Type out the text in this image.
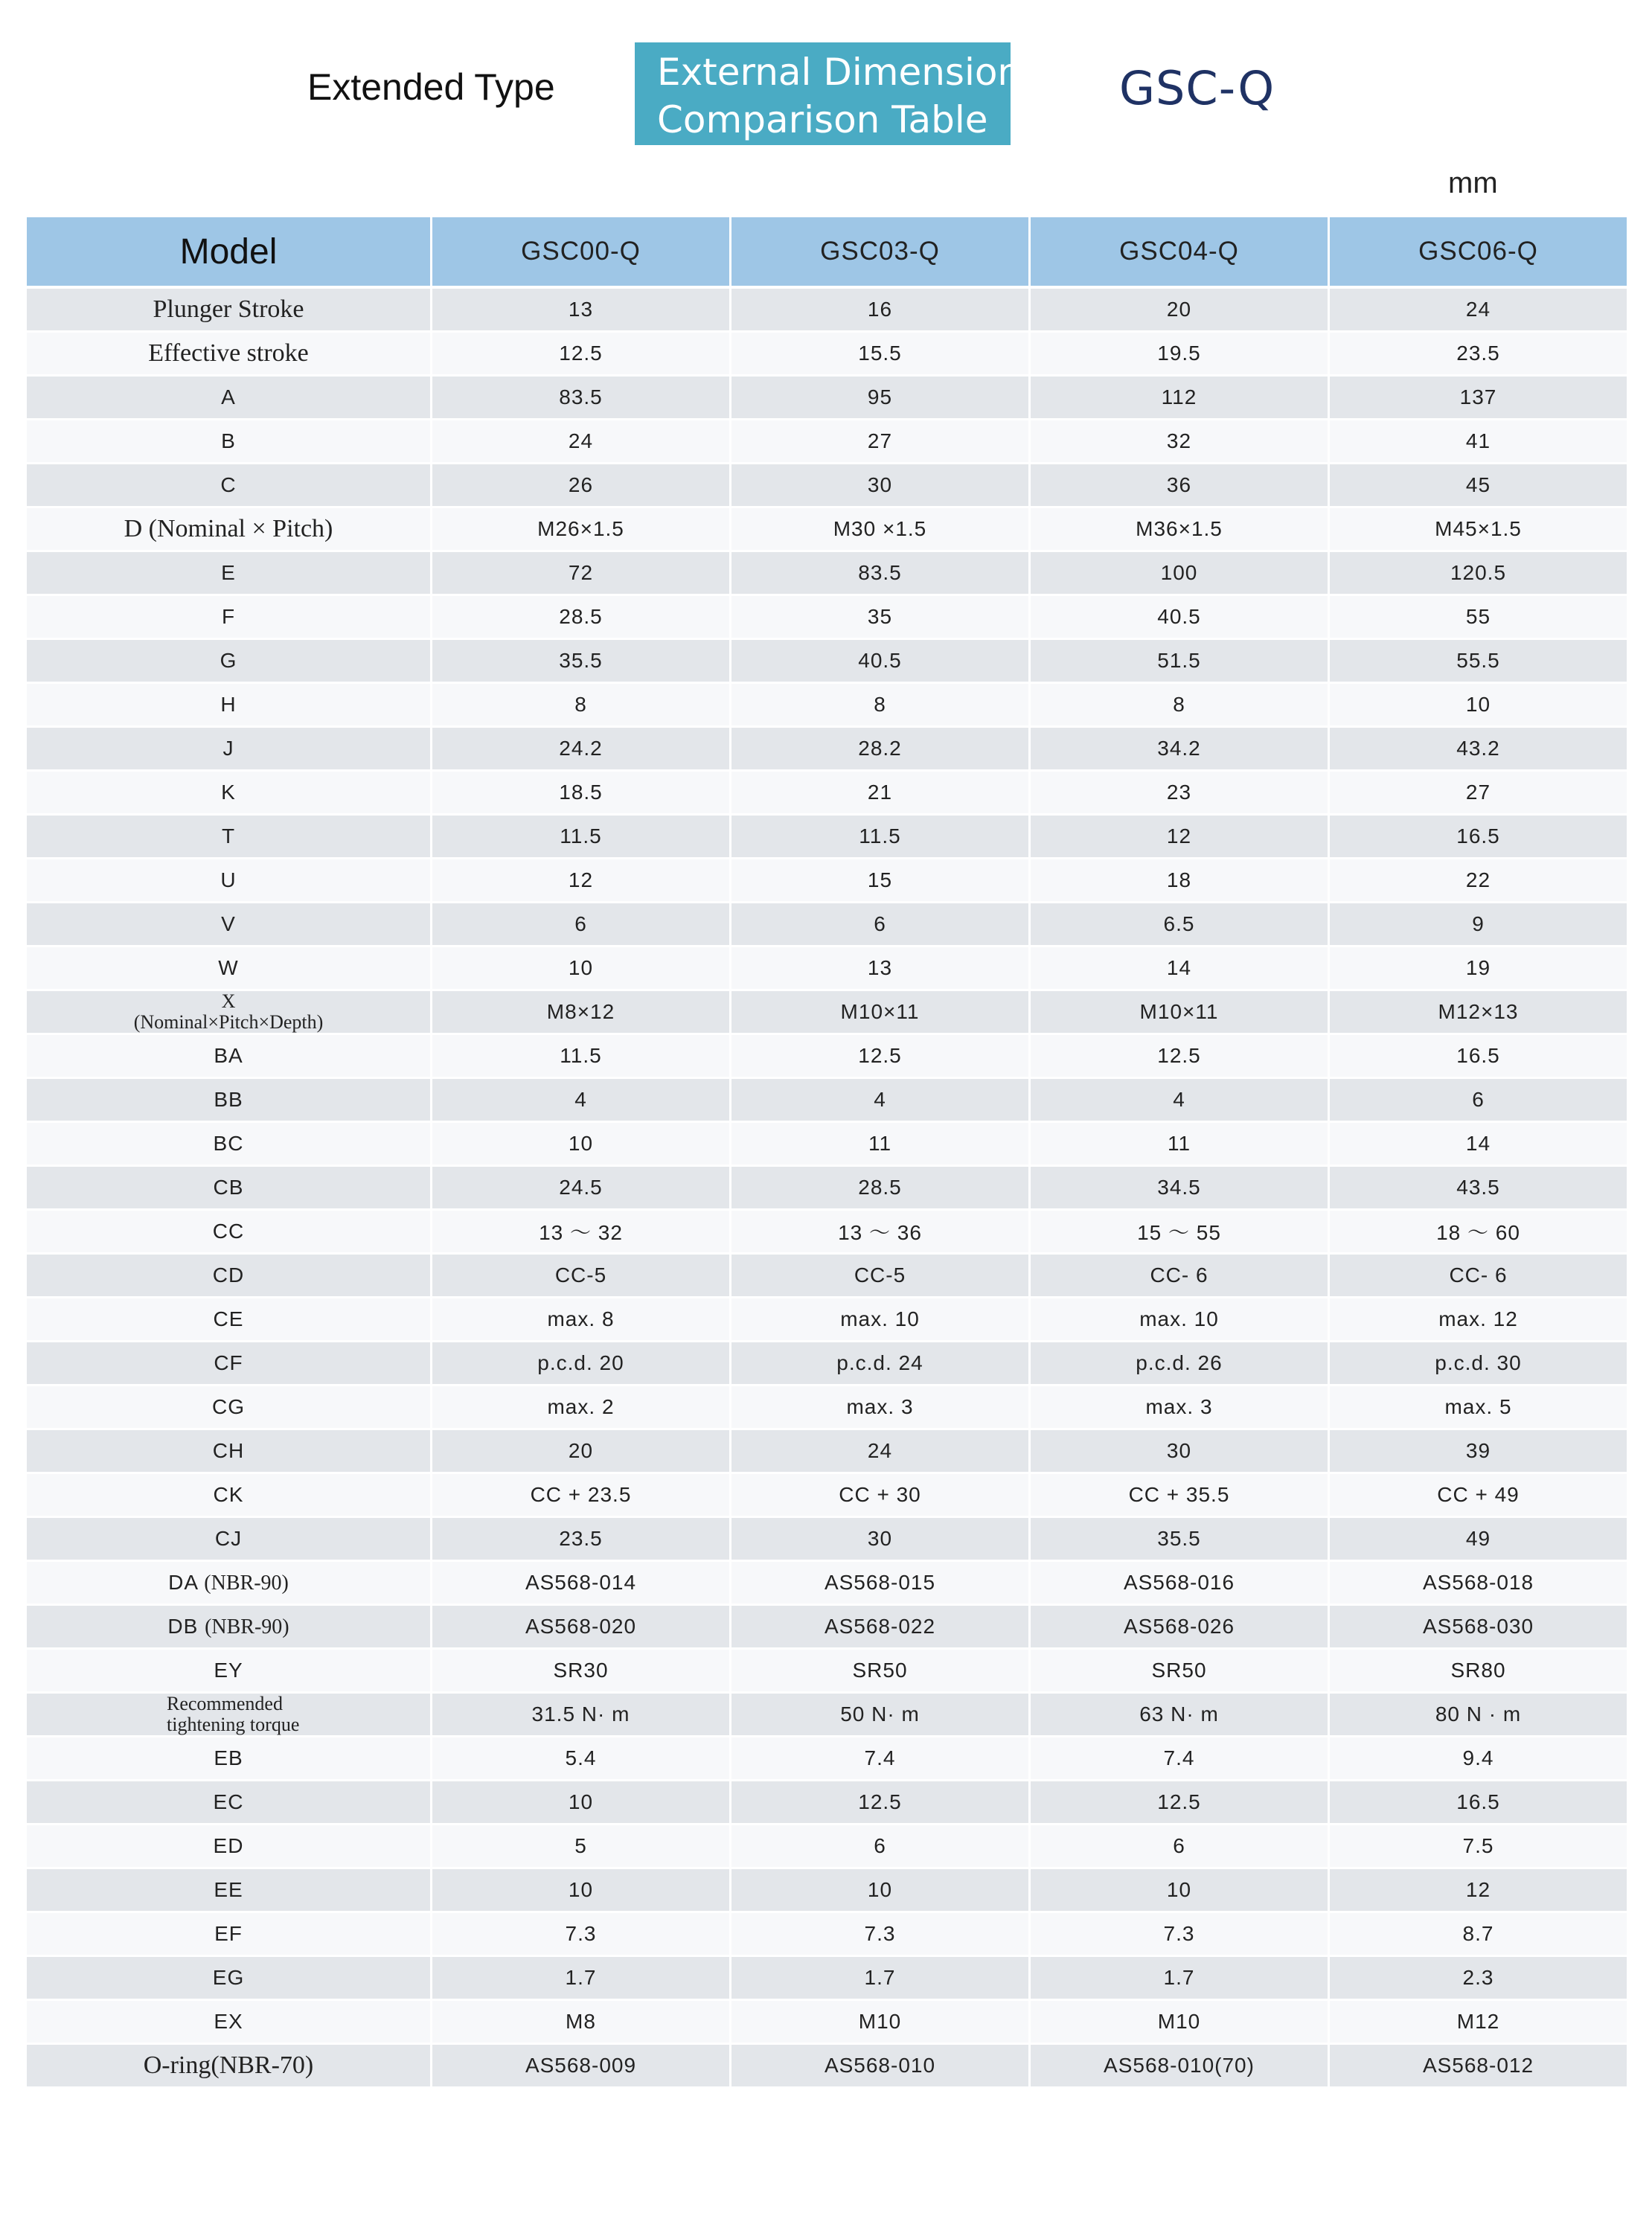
Extended Type	External Dimensions
Comparison Table
GSC-Q
mm
Model	GSC00-Q	GSC03-Q	GSC04-Q	GSC06-Q
Plunger Stroke	13	16	20	24
Effective stroke	12.5	15.5	19.5	23.5
A	83.5	95	112	137
B	24	27	32	41
C	26	30	36	45
D (Nominal × Pitch)	M26×1.5	M30 ×1.5	M36×1.5	M45×1.5
E	72	83.5	100	120.5
F	28.5	35	40.5	55
G	35.5	40.5	51.5	55.5
H	8	8	8	10
J	24.2	28.2	34.2	43.2
K	18.5	21	23	27
T	11.5	11.5	12	16.5
U	12	15	18	22
V	6	6	6.5	9
W	10	13	14	19

X
(Nominal×Pitch×Depth)	M8×12	M10×11	M10×11	M12×13
BA	11.5	12.5	12.5	16.5
BB	4	4	4	6
BC	10	11	11	14
CB	24.5	28.5	34.5	43.5
CC	13 ～ 32	13 ～ 36	15 ～ 55	18 ～ 60
CD	CC-5	CC-5	CC- 6	CC- 6
CE	max. 8	max. 10	max. 10	max. 12
CF	p.c.d. 20	p.c.d. 24	p.c.d. 26	p.c.d. 30
CG	max. 2	max. 3	max. 3	max. 5
CH	20	24	30	39
CK	CC + 23.5	CC + 30	CC + 35.5	CC + 49
CJ	23.5	30	35.5	49
DA (NBR-90)	AS568-014	AS568-015	AS568-016	AS568-018
DB (NBR-90)	AS568-020	AS568-022	AS568-026	AS568-030
EY	SR30	SR50	SR50	SR80

Recommended
tightening torque	31.5 N· m	50 N· m	63 N· m	80 N · m
EB	5.4	7.4	7.4	9.4
EC	10	12.5	12.5	16.5
ED	5	6	6	7.5
EE	10	10	10	12
EF	7.3	7.3	7.3	8.7
EG	1.7	1.7	1.7	2.3
EX	M8	M10	M10	M12
O-ring(NBR-70)	AS568-009	AS568-010	AS568-010(70)	AS568-012
